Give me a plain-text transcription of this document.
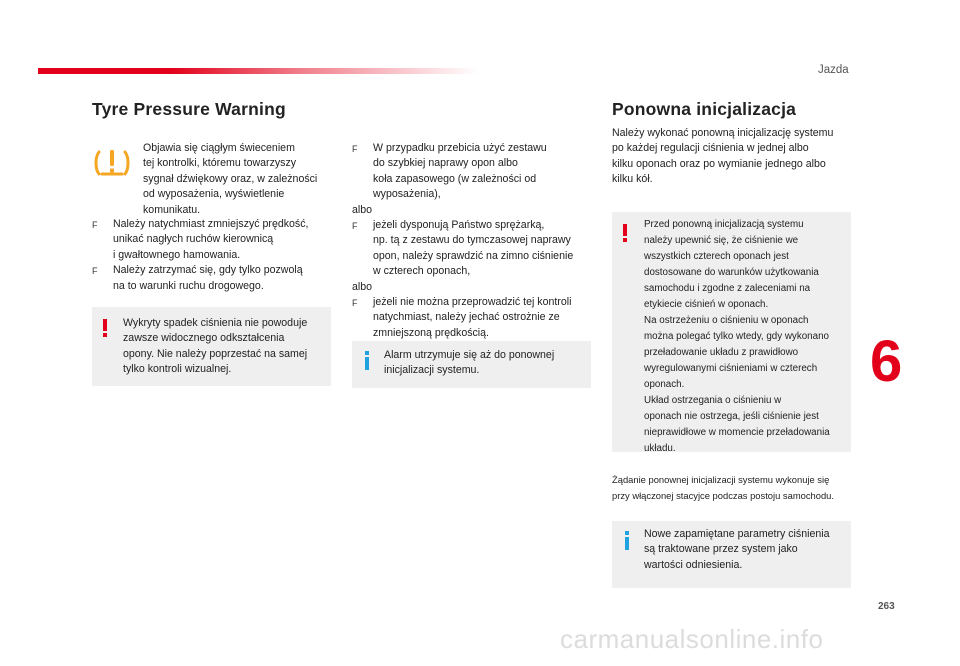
Jazda
6
263
carmanualsonline.info
Tyre Pressure Warning
Objawia się ciągłym świeceniem
tej kontrolki, któremu towarzyszy
sygnał dźwiękowy oraz, w zależności
od wyposażenia, wyświetlenie
komunikatu.
F	Należy natychmiast zmniejszyć prędkość,
unikać nagłych ruchów kierownicą
i gwałtownego hamowania.
F	Należy zatrzymać się, gdy tylko pozwolą
na to warunki ruchu drogowego.
Wykryty spadek ciśnienia nie powoduje
zawsze widocznego odkształcenia
opony. Nie należy poprzestać na samej
tylko kontroli wizualnej.
F	W przypadku przebicia użyć zestawu
do szybkiej naprawy opon albo
koła zapasowego (w zależności od
wyposażenia),
albo
F	jeżeli dysponują Państwo sprężarką,
np. tą z zestawu do tymczasowej naprawy
opon, należy sprawdzić na zimno ciśnienie
w czterech oponach,
albo
F	jeżeli nie można przeprowadzić tej kontroli
natychmiast, należy jechać ostrożnie ze
zmniejszoną prędkością.
Alarm utrzymuje się aż do ponownej
inicjalizacji systemu.
Ponowna inicjalizacja
Należy wykonać ponowną inicjalizację systemu
po każdej regulacji ciśnienia w jednej albo
kilku oponach oraz po wymianie jednego albo
kilku kół.
Przed ponowną inicjalizacją systemu
należy upewnić się, że ciśnienie we
wszystkich czterech oponach jest
dostosowane do warunków użytkowania
samochodu i zgodne z zaleceniami na
etykiecie ciśnień w oponach.
Na ostrzeżeniu o ciśnieniu w oponach
można polegać tylko wtedy, gdy wykonano
przeładowanie układu z prawidłowo
wyregulowanymi ciśnieniami w czterech
oponach.
Układ ostrzegania o ciśnieniu w
oponach nie ostrzega, jeśli ciśnienie jest
nieprawidłowe w momencie przeładowania
układu.
Żądanie ponownej inicjalizacji systemu wykonuje się
przy włączonej stacyjce podczas postoju samochodu.
Nowe zapamiętane parametry ciśnienia
są traktowane przez system jako
wartości odniesienia.
